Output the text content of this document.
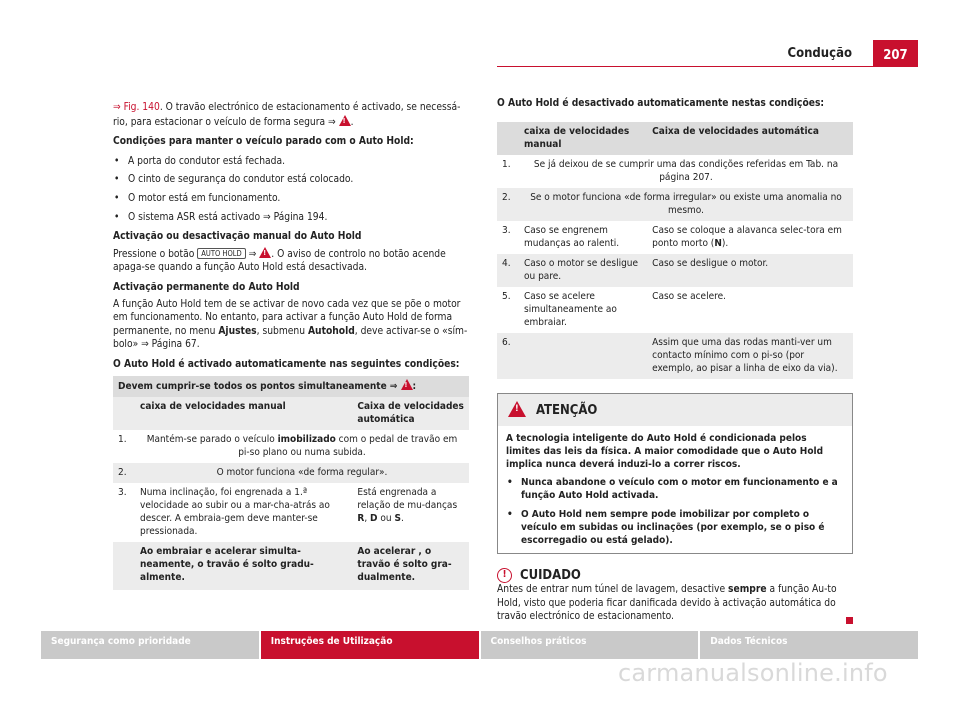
Condução	207

⇒ Fig. 140. O travão electrónico de estacionamento é activado, se necessá-rio, para estacionar o veículo de forma segura ⇒ ! .

Condições para manter o veículo parado com o Auto Hold:

• A porta do condutor está fechada.
• O cinto de segurança do condutor está colocado.
• O motor está em funcionamento.
• O sistema ASR está activado ⇒ Página 194.

Activação ou desactivação manual do Auto Hold

Pressione o botão AUTO HOLD ⇒ !. O aviso de controlo no botão acende apaga-se quando a função Auto Hold está desactivada.

Activação permanente do Auto Hold

A função Auto Hold tem de se activar de novo cada vez que se põe o motor em funcionamento. No entanto, para activar a função Auto Hold de forma permanente, no menu Ajustes, submenu Autohold, deve activar-se o «sím-bolo» ⇒ Página 67.

O Auto Hold é activado automaticamente nas seguintes condições:

Devem cumprir-se todos os pontos simultaneamente ⇒ ! :
	caixa de velocidades manual	Caixa de velocidades automática
1.	Mantém-se parado o veículo imobilizado com o pedal de travão em pi-so plano ou numa subida.	
2.	O motor funciona «de forma regular».	
3.	Numa inclinação, foi engrenada a 1.ª velocidade ao subir ou a mar-cha-atrás ao descer. A embraia-gem deve manter-se pressionada.	Está engrenada a relação de mu-danças R, D ou S.
	Ao embraiar e acelerar simulta-neamente, o travão é solto gradu-almente.	Ao acelerar , o travão é solto gra-dualmente.

O Auto Hold é desactivado automaticamente nestas condições:

	caixa de velocidades manual	Caixa de velocidades automática
1.	Se já deixou de se cumprir uma das condições referidas em Tab. na página 207.	
2.	Se o motor funciona «de forma irregular» ou existe uma anomalia no mesmo.	
3.	Caso se engrenem mudanças ao ralenti.	Caso se coloque a alavanca selec-tora em ponto morto (N).
4.	Caso o motor se desligue ou pare.	Caso se desligue o motor.
5.	Caso se acelere simultaneamente ao embraiar.	Caso se acelere.
6.		Assim que uma das rodas manti-ver um contacto mínimo com o pi-so (por exemplo, ao pisar a linha de eixo da via).
!ATENÇÃO

A tecnologia inteligente do Auto Hold é condicionada pelos limites das leis da física. A maior comodidade que o Auto Hold implica nunca deverá induzi-lo a correr riscos.

• Nunca abandone o veículo com o motor em funcionamento e a função Auto Hold activada.
• O Auto Hold nem sempre pode imobilizar por completo o veículo em subidas ou inclinações (por exemplo, se o piso é escorregadio ou está gelado).
! CUIDADO

Antes de entrar num túnel de lavagem, desactive sempre a função Au-to Hold, visto que poderia ficar danificada devido à activação automática do travão electrónico de estacionamento.

Segurança como prioridade	Instruções de Utilização	Conselhos práticos	Dados Técnicos
carmanualsonline.info
